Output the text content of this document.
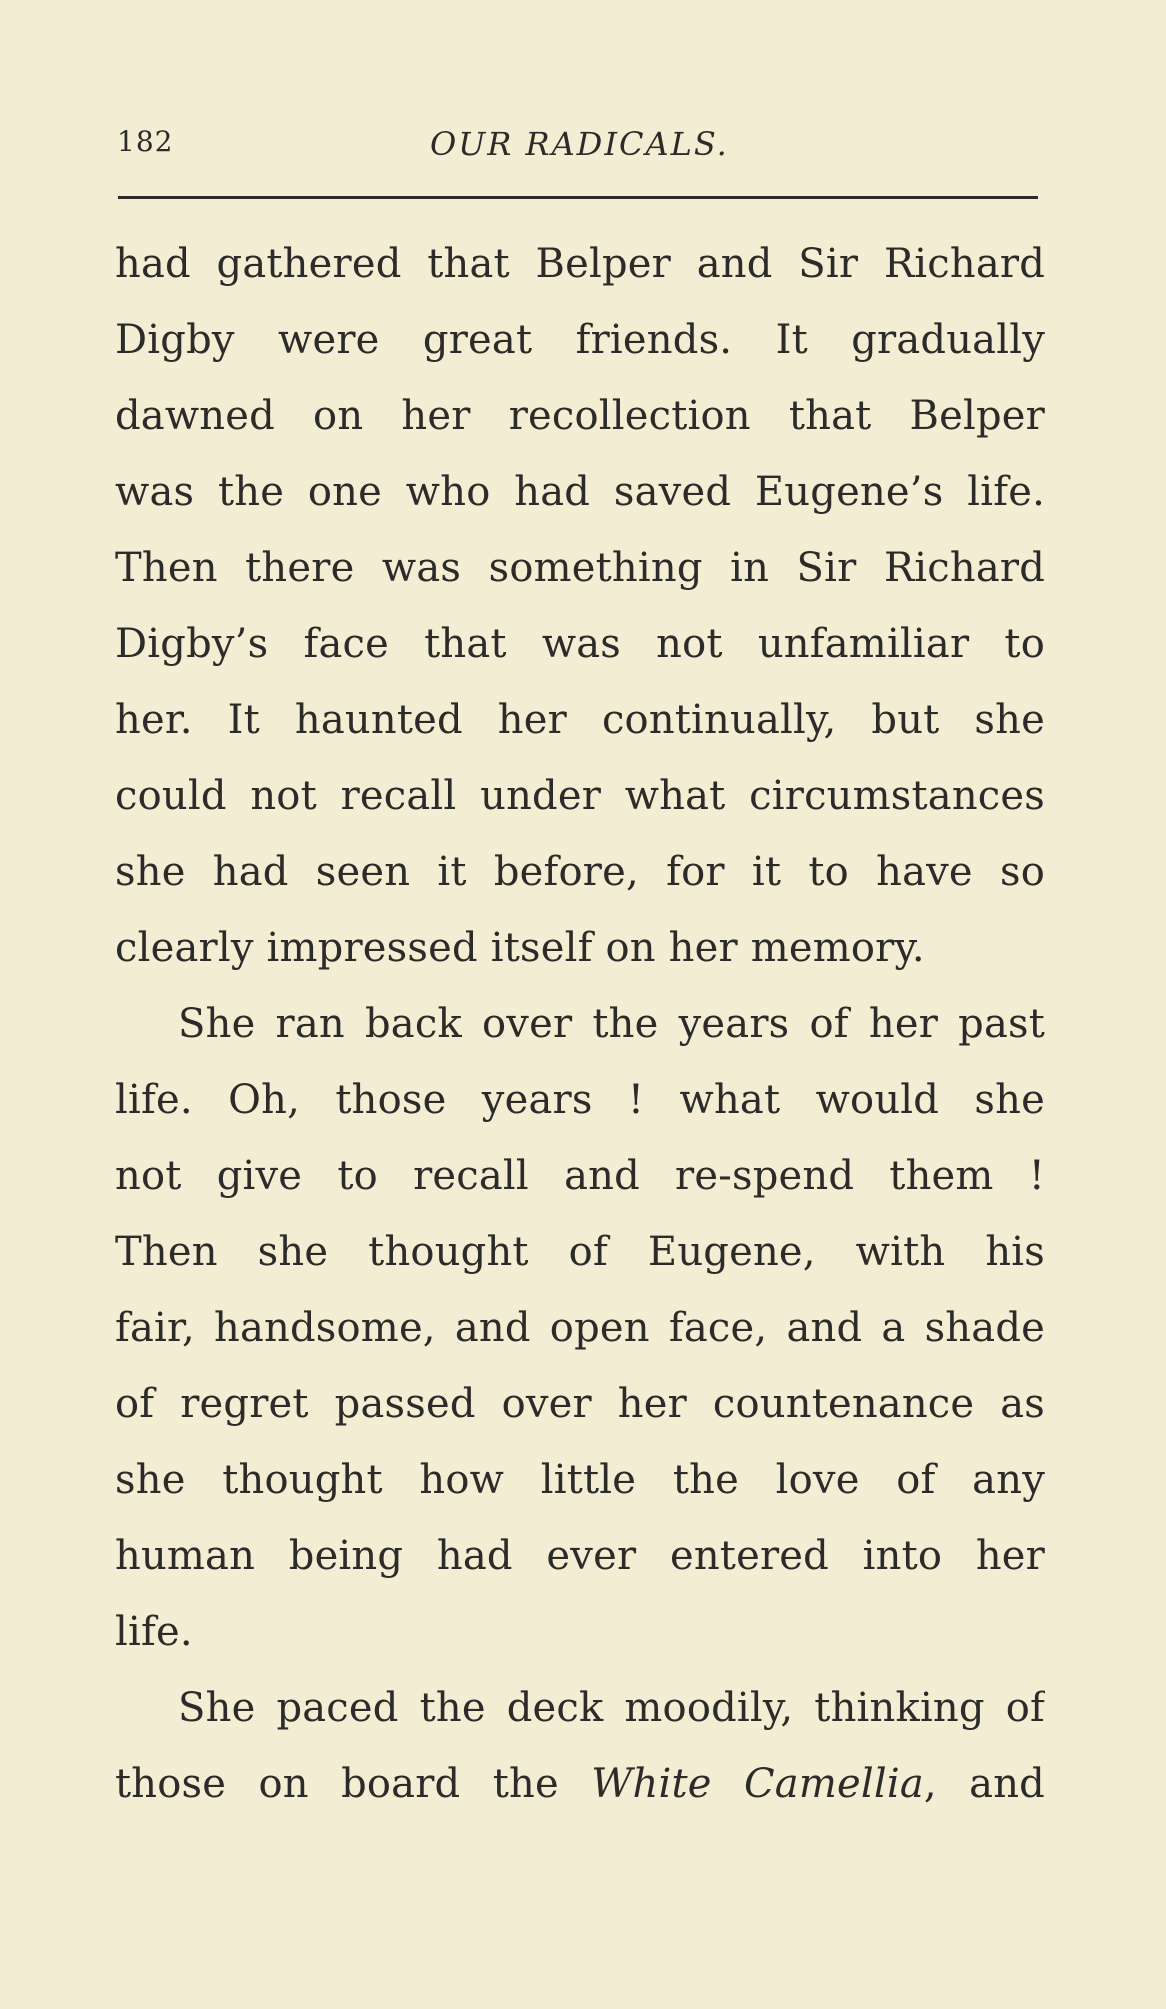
182	OUR RADICALS.
had gathered that Belper and Sir Richard
Digby were great friends. It gradually
dawned on her recollection that Belper
was the one who had saved Eugene’s life.
Then there was something in Sir Richard
Digby’s face that was not unfamiliar to
her. It haunted her continually, but she
could not recall under what circumstances
she had seen it before, for it to have so
clearly impressed itself on her memory.
She ran back over the years of her past
life. Oh, those years ! what would she
not give to recall and re-spend them !
Then she thought of Eugene, with his
fair, handsome, and open face, and a shade
of regret passed over her countenance as
she thought how little the love of any
human being had ever entered into her
life.
She paced the deck moodily, thinking of
those on board the White Camellia, and
